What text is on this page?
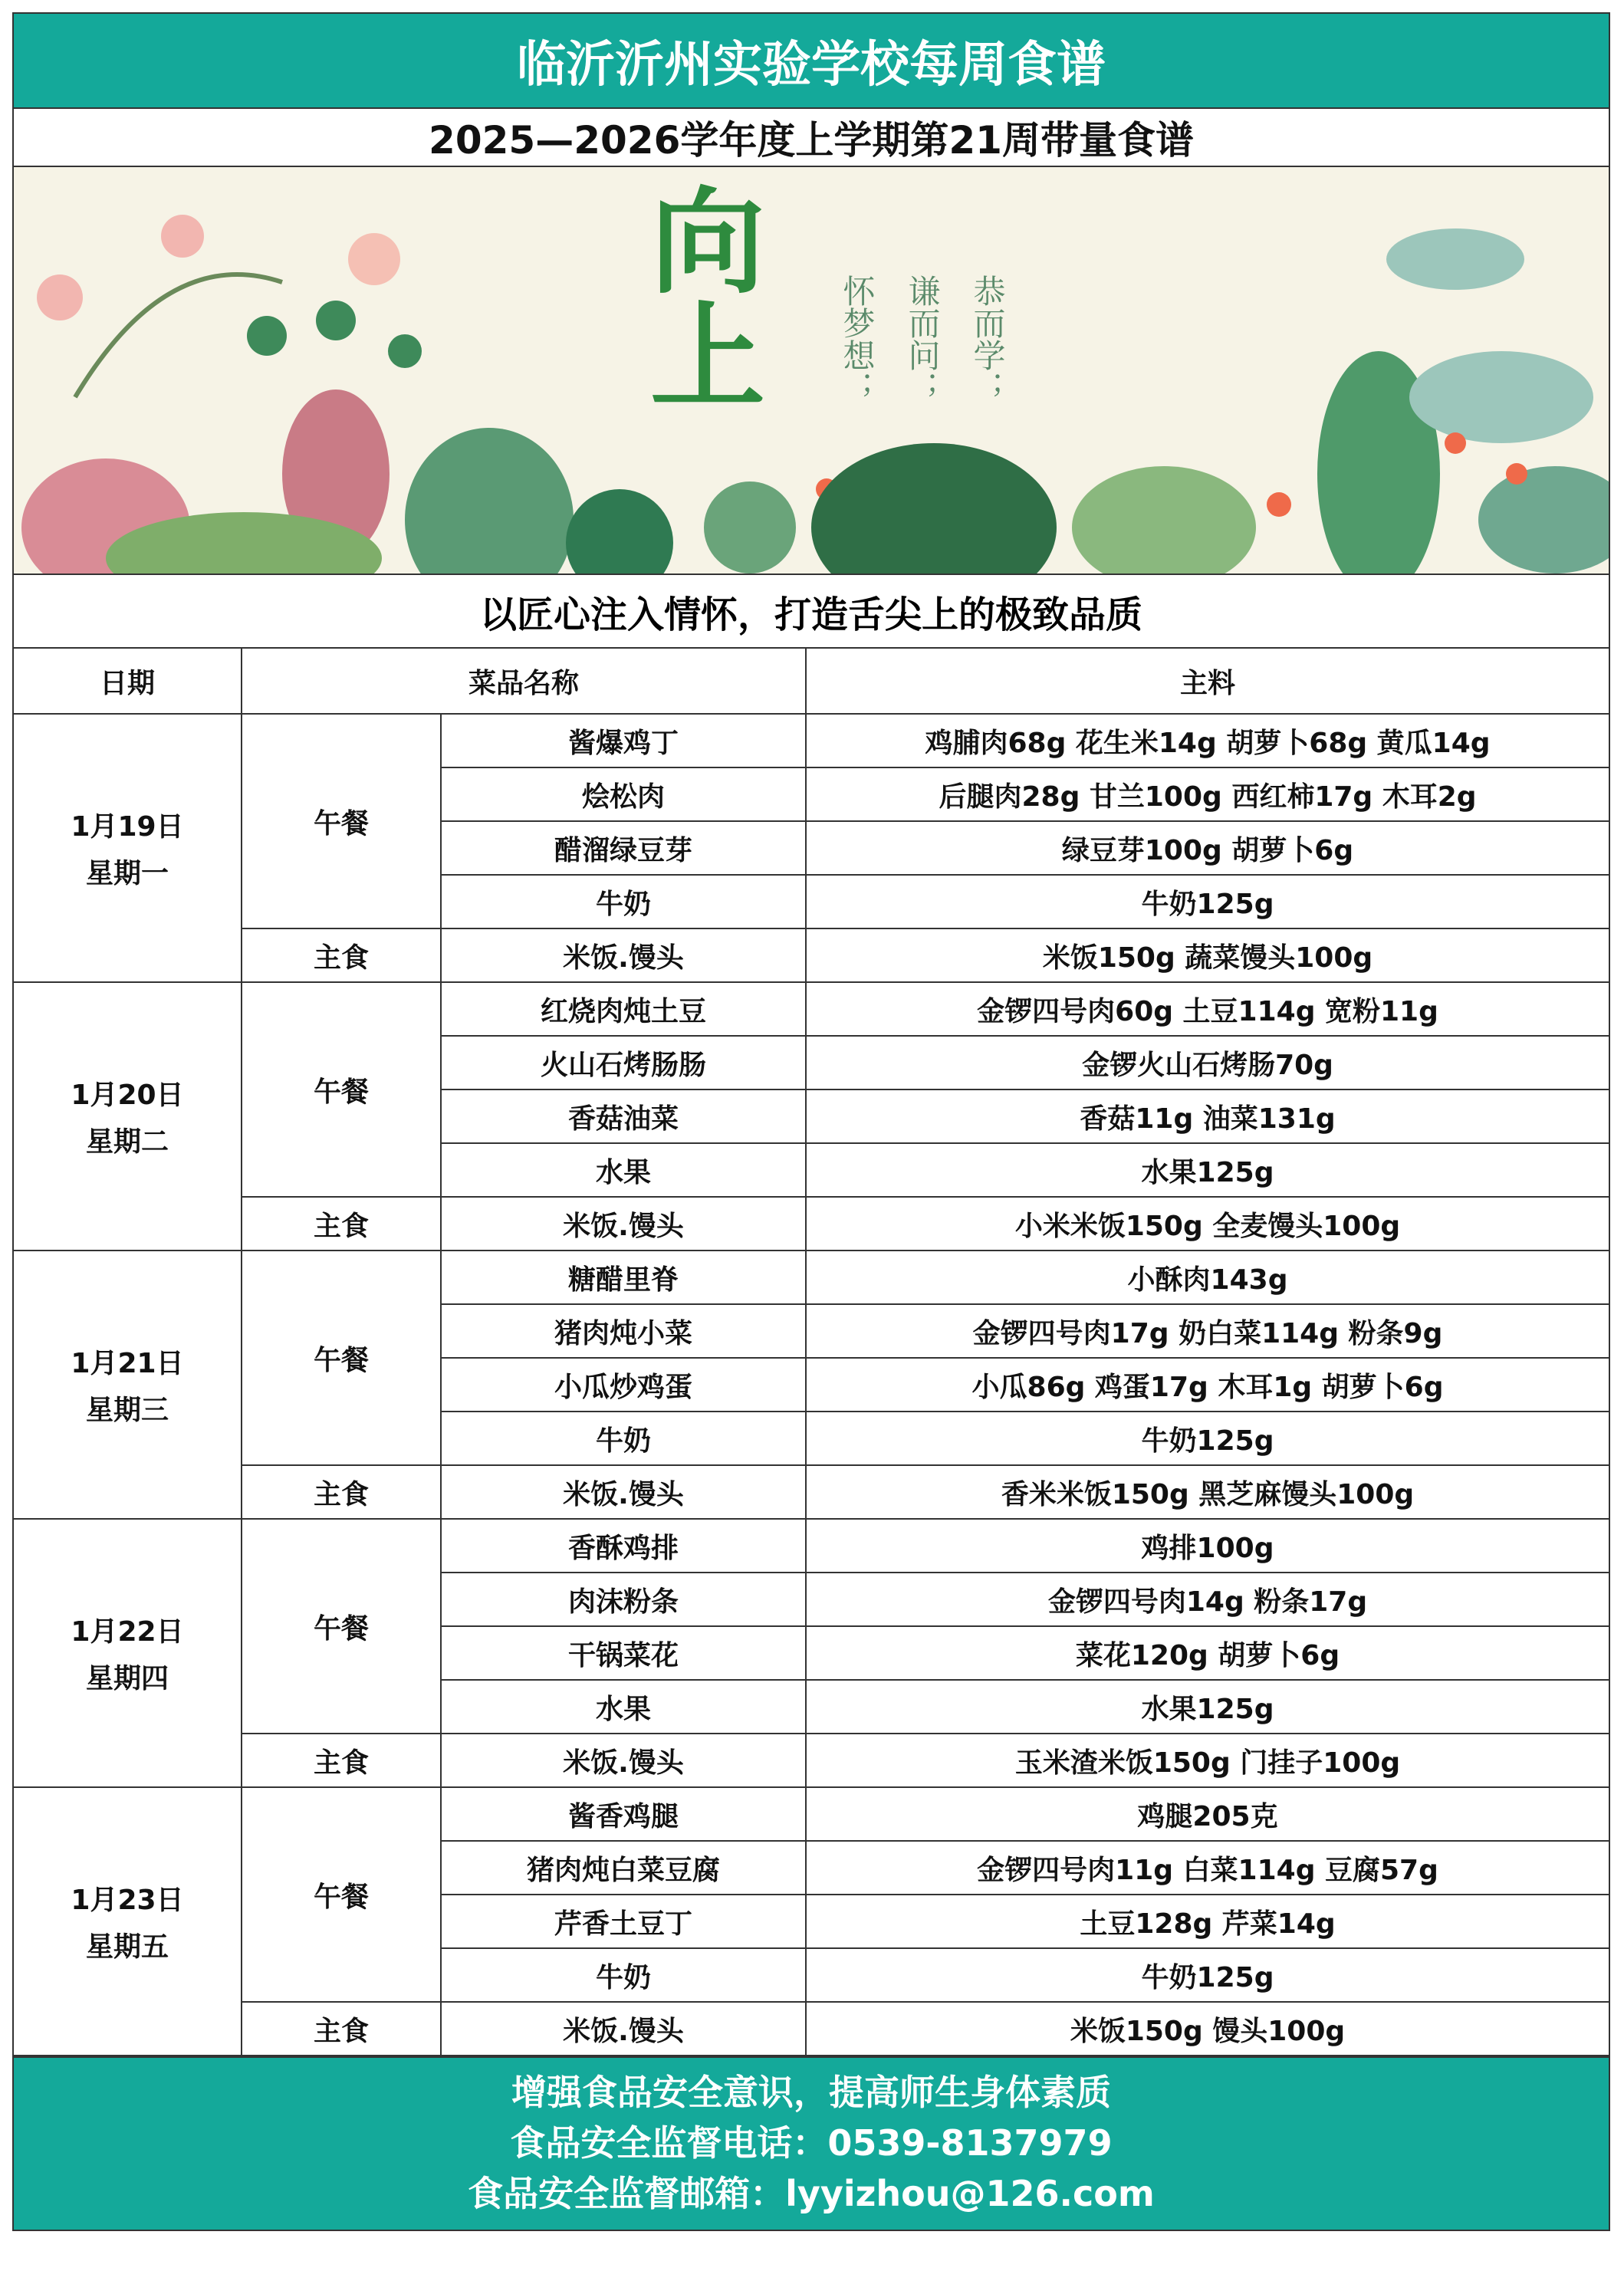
临沂沂州实验学校每周食谱
2025—2026学年度上学期第21周带量食谱
向
上	恭而学；
谦而问；
怀梦想；
以匠心注入情怀，打造舌尖上的极致品质
日期	菜品名称		主料

1月19日
星期一	午餐	酱爆鸡丁	鸡脯肉68g 花生米14g 胡萝卜68g 黄瓜14g
		烩松肉	后腿肉28g 甘兰100g 西红柿17g 木耳2g
		醋溜绿豆芽	绿豆芽100g 胡萝卜6g
		牛奶	牛奶125g
	主食	米饭.馒头	米饭150g 蔬菜馒头100g

1月20日
星期二	午餐	红烧肉炖土豆	金锣四号肉60g 土豆114g 宽粉11g
		火山石烤肠肠	金锣火山石烤肠70g
		香菇油菜	香菇11g 油菜131g
		水果	水果125g
	主食	米饭.馒头	小米米饭150g 全麦馒头100g

1月21日
星期三	午餐	糖醋里脊	小酥肉143g
		猪肉炖小菜	金锣四号肉17g 奶白菜114g 粉条9g
		小瓜炒鸡蛋	小瓜86g 鸡蛋17g 木耳1g 胡萝卜6g
		牛奶	牛奶125g
	主食	米饭.馒头	香米米饭150g 黑芝麻馒头100g

1月22日
星期四	午餐	香酥鸡排	鸡排100g
		肉沫粉条	金锣四号肉14g 粉条17g
		干锅菜花	菜花120g 胡萝卜6g
		水果	水果125g
	主食	米饭.馒头	玉米渣米饭150g 门挂子100g

1月23日
星期五	午餐	酱香鸡腿	鸡腿205克
		猪肉炖白菜豆腐	金锣四号肉11g 白菜114g 豆腐57g
		芹香土豆丁	土豆128g 芹菜14g
		牛奶	牛奶125g
	主食	米饭.馒头	米饭150g 馒头100g
增强食品安全意识，提高师生身体素质
食品安全监督电话：0539-8137979
食品安全监督邮箱：lyyizhou@126.com
